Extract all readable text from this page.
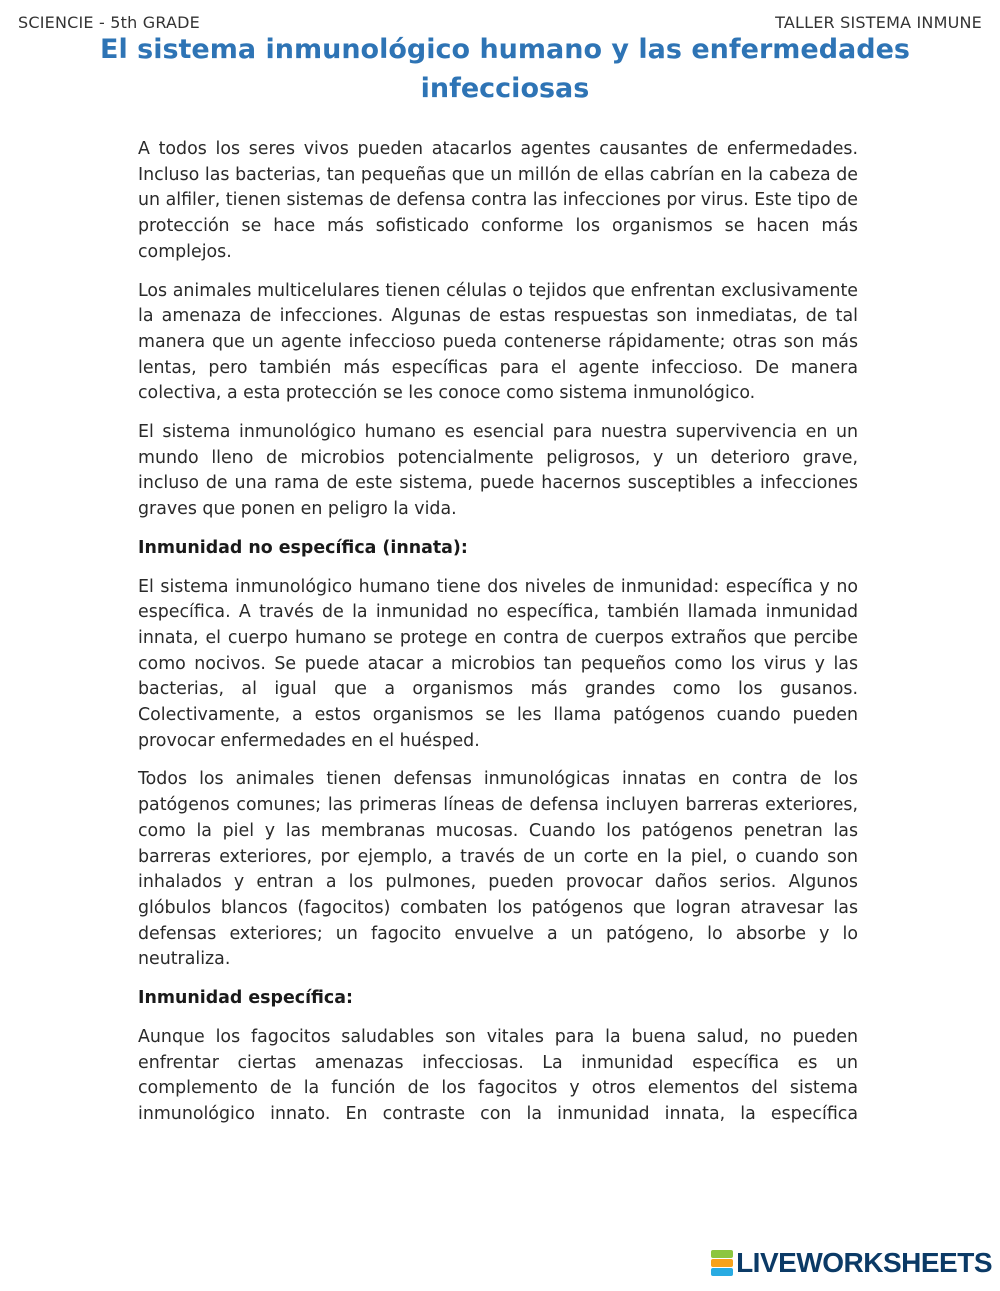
SCIENCIE - 5th GRADE	TALLER SISTEMA INMUNE
El sistema inmunológico humano y las enfermedades infecciosas

A todos los seres vivos pueden atacarlos agentes causantes de enfermedades. Incluso las bacterias, tan pequeñas que un millón de ellas cabrían en la cabeza de un alfiler, tienen sistemas de defensa contra las infecciones por virus. Este tipo de protección se hace más sofisticado conforme los organismos se hacen más complejos.

Los animales multicelulares tienen células o tejidos que enfrentan exclusivamente la amenaza de infecciones. Algunas de estas respuestas son inmediatas, de tal manera que un agente infeccioso pueda contenerse rápidamente; otras son más lentas, pero también más específicas para el agente infeccioso. De manera colectiva, a esta protección se les conoce como sistema inmunológico.

El sistema inmunológico humano es esencial para nuestra supervivencia en un mundo lleno de microbios potencialmente peligrosos, y un deterioro grave, incluso de una rama de este sistema, puede hacernos susceptibles a infecciones graves que ponen en peligro la vida.

Inmunidad no específica (innata):

El sistema inmunológico humano tiene dos niveles de inmunidad: específica y no específica. A través de la inmunidad no específica, también llamada inmunidad innata, el cuerpo humano se protege en contra de cuerpos extraños que percibe como nocivos. Se puede atacar a microbios tan pequeños como los virus y las bacterias, al igual que a organismos más grandes como los gusanos. Colectivamente, a estos organismos se les llama patógenos cuando pueden provocar enfermedades en el huésped.

Todos los animales tienen defensas inmunológicas innatas en contra de los patógenos comunes; las primeras líneas de defensa incluyen barreras exteriores, como la piel y las membranas mucosas. Cuando los patógenos penetran las barreras exteriores, por ejemplo, a través de un corte en la piel, o cuando son inhalados y entran a los pulmones, pueden provocar daños serios. Algunos glóbulos blancos (fagocitos) combaten los patógenos que logran atravesar las defensas exteriores; un fagocito envuelve a un patógeno, lo absorbe y lo neutraliza.

Inmunidad específica:

Aunque los fagocitos saludables son vitales para la buena salud, no pueden enfrentar ciertas amenazas infecciosas. La inmunidad específica es un complemento de la función de los fagocitos y otros elementos del sistema inmunológico innato. En contraste con la inmunidad innata, la específica

LIVEWORKSHEETS
